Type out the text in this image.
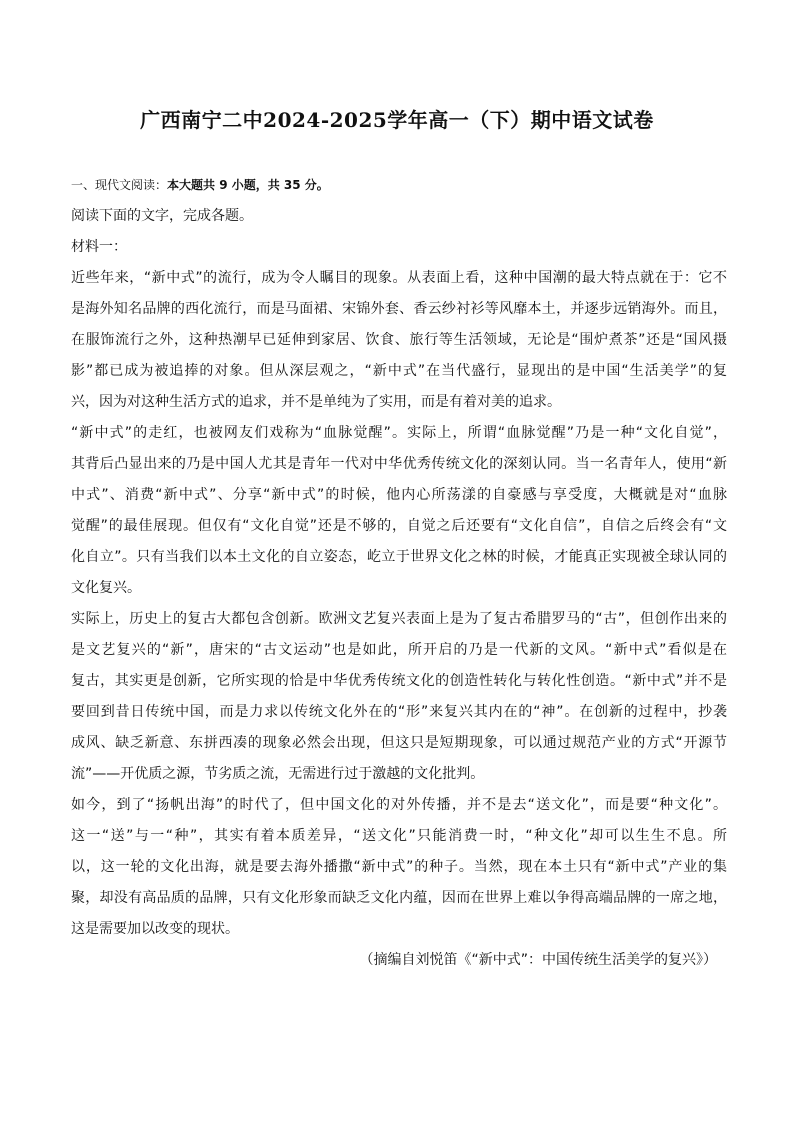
广西南宁二中2024-2025学年高一（下）期中语文试卷
一、现代文阅读：本大题共 9 小题，共 35 分。
阅读下面的文字，完成各题。
材料一：
近些年来，“新中式”的流行，成为令人瞩目的现象。从表面上看，这种中国潮的最大特点就在于：它不
是海外知名品牌的西化流行，而是马面裙、宋锦外套、香云纱衬衫等风靡本土，并逐步远销海外。而且，
在服饰流行之外，这种热潮早已延伸到家居、饮食、旅行等生活领域，无论是“围炉煮茶”还是“国风摄
影”都已成为被追捧的对象。但从深层观之，“新中式”在当代盛行，显现出的是中国“生活美学”的复
兴，因为对这种生活方式的追求，并不是单纯为了实用，而是有着对美的追求。
“新中式”的走红，也被网友们戏称为“血脉觉醒”。实际上，所谓“血脉觉醒”乃是一种“文化自觉”，
其背后凸显出来的乃是中国人尤其是青年一代对中华优秀传统文化的深刻认同。当一名青年人，使用“新
中式”、消费“新中式”、分享“新中式”的时候，他内心所荡漾的自豪感与享受度，大概就是对“血脉
觉醒”的最佳展现。但仅有“文化自觉”还是不够的，自觉之后还要有“文化自信”，自信之后终会有“文
化自立”。只有当我们以本土文化的自立姿态，屹立于世界文化之林的时候，才能真正实现被全球认同的
文化复兴。
实际上，历史上的复古大都包含创新。欧洲文艺复兴表面上是为了复古希腊罗马的“古”，但创作出来的
是文艺复兴的“新”，唐宋的“古文运动”也是如此，所开启的乃是一代新的文风。“新中式”看似是在
复古，其实更是创新，它所实现的恰是中华优秀传统文化的创造性转化与转化性创造。“新中式”并不是
要回到昔日传统中国，而是力求以传统文化外在的“形”来复兴其内在的“神”。在创新的过程中，抄袭
成风、缺乏新意、东拼西凑的现象必然会出现，但这只是短期现象，可以通过规范产业的方式“开源节
流”——开优质之源，节劣质之流，无需进行过于激越的文化批判。
如今，到了“扬帆出海”的时代了，但中国文化的对外传播，并不是去“送文化”，而是要“种文化”。
这一“送”与一“种”，其实有着本质差异，“送文化”只能消费一时，“种文化”却可以生生不息。所
以，这一轮的文化出海，就是要去海外播撒“新中式”的种子。当然，现在本土只有“新中式”产业的集
聚，却没有高品质的品牌，只有文化形象而缺乏文化内蕴，因而在世界上难以争得高端品牌的一席之地，
这是需要加以改变的现状。
（摘编自刘悦笛《“新中式”：中国传统生活美学的复兴》）
